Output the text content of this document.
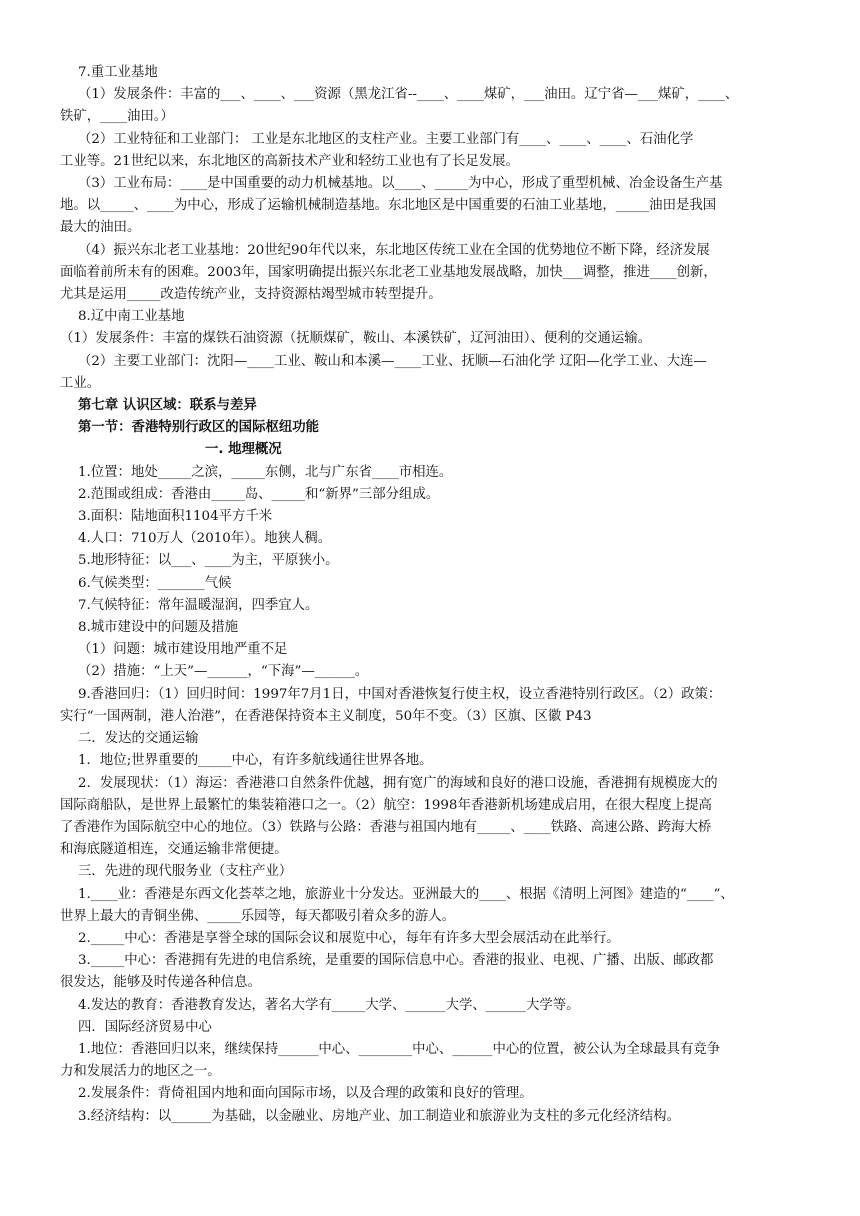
7.重工业基地
（1）发展条件：丰富的___、____、___资源（黑龙江省--____、____煤矿，___油田。辽宁省—___煤矿，____、
铁矿，____油田。）
（2）工业特征和工业部门： 工业是东北地区的支柱产业。主要工业部门有____、____、____、石油化学
工业等。21世纪以来，东北地区的高新技术产业和轻纺工业也有了长足发展。
（3）工业布局：____是中国重要的动力机械基地。以____、_____为中心，形成了重型机械、冶金设备生产基
地。以_____、____为中心，形成了运输机械制造基地。东北地区是中国重要的石油工业基地，_____油田是我国
最大的油田。
（4）振兴东北老工业基地：20世纪90年代以来，东北地区传统工业在全国的优势地位不断下降，经济发展
面临着前所未有的困难。2003年，国家明确提出振兴东北老工业基地发展战略，加快___调整，推进____创新，
尤其是运用_____改造传统产业，支持资源枯竭型城市转型提升。
8.辽中南工业基地
（1）发展条件：丰富的煤铁石油资源（抚顺煤矿，鞍山、本溪铁矿，辽河油田）、便利的交通运输。
（2）主要工业部门：沈阳—____工业、鞍山和本溪—____工业、抚顺—石油化学 辽阳—化学工业、大连—
工业。
第七章 认识区域：联系与差异
第一节：香港特别行政区的国际枢纽功能
一. 地理概况
1.位置：地处_____之滨，_____东侧，北与广东省____市相连。
2.范围或组成：香港由_____岛、_____和“新界”三部分组成。
3.面积：陆地面积1104平方千米
4.人口：710万人（2010年）。地狭人稠。
5.地形特征：以___、____为主，平原狭小。
6.气候类型：_______气候
7.气候特征：常年温暖湿润，四季宜人。
8.城市建设中的问题及措施
（1）问题：城市建设用地严重不足
（2）措施：“上天”—______，“下海”—______。
9.香港回归：（1）回归时间：1997年7月1日，中国对香港恢复行使主权，设立香港特别行政区。（2）政策：
实行“一国两制，港人治港”，在香港保持资本主义制度，50年不变。（3）区旗、区徽 P43
二．发达的交通运输
1．地位;世界重要的_____中心，有许多航线通往世界各地。
2．发展现状：（1）海运：香港港口自然条件优越，拥有宽广的海域和良好的港口设施，香港拥有规模庞大的
国际商船队，是世界上最繁忙的集装箱港口之一。（2）航空：1998年香港新机场建成启用，在很大程度上提高
了香港作为国际航空中心的地位。（3）铁路与公路：香港与祖国内地有_____、____铁路、高速公路、跨海大桥
和海底隧道相连，交通运输非常便捷。
三．先进的现代服务业（支柱产业）
1.____业：香港是东西文化荟萃之地，旅游业十分发达。亚洲最大的____、根据《清明上河图》建造的“____”、
世界上最大的青铜坐佛、_____乐园等，每天都吸引着众多的游人。
2._____中心：香港是享誉全球的国际会议和展览中心，每年有许多大型会展活动在此举行。
3._____中心：香港拥有先进的电信系统，是重要的国际信息中心。香港的报业、电视、广播、出版、邮政都
很发达，能够及时传递各种信息。
4.发达的教育：香港教育发达，著名大学有_____大学、______大学、______大学等。
四．国际经济贸易中心
1.地位：香港回归以来，继续保持______中心、________中心、______中心的位置，被公认为全球最具有竞争
力和发展活力的地区之一。
2.发展条件：背倚祖国内地和面向国际市场，以及合理的政策和良好的管理。
3.经济结构：以______为基础，以金融业、房地产业、加工制造业和旅游业为支柱的多元化经济结构。
